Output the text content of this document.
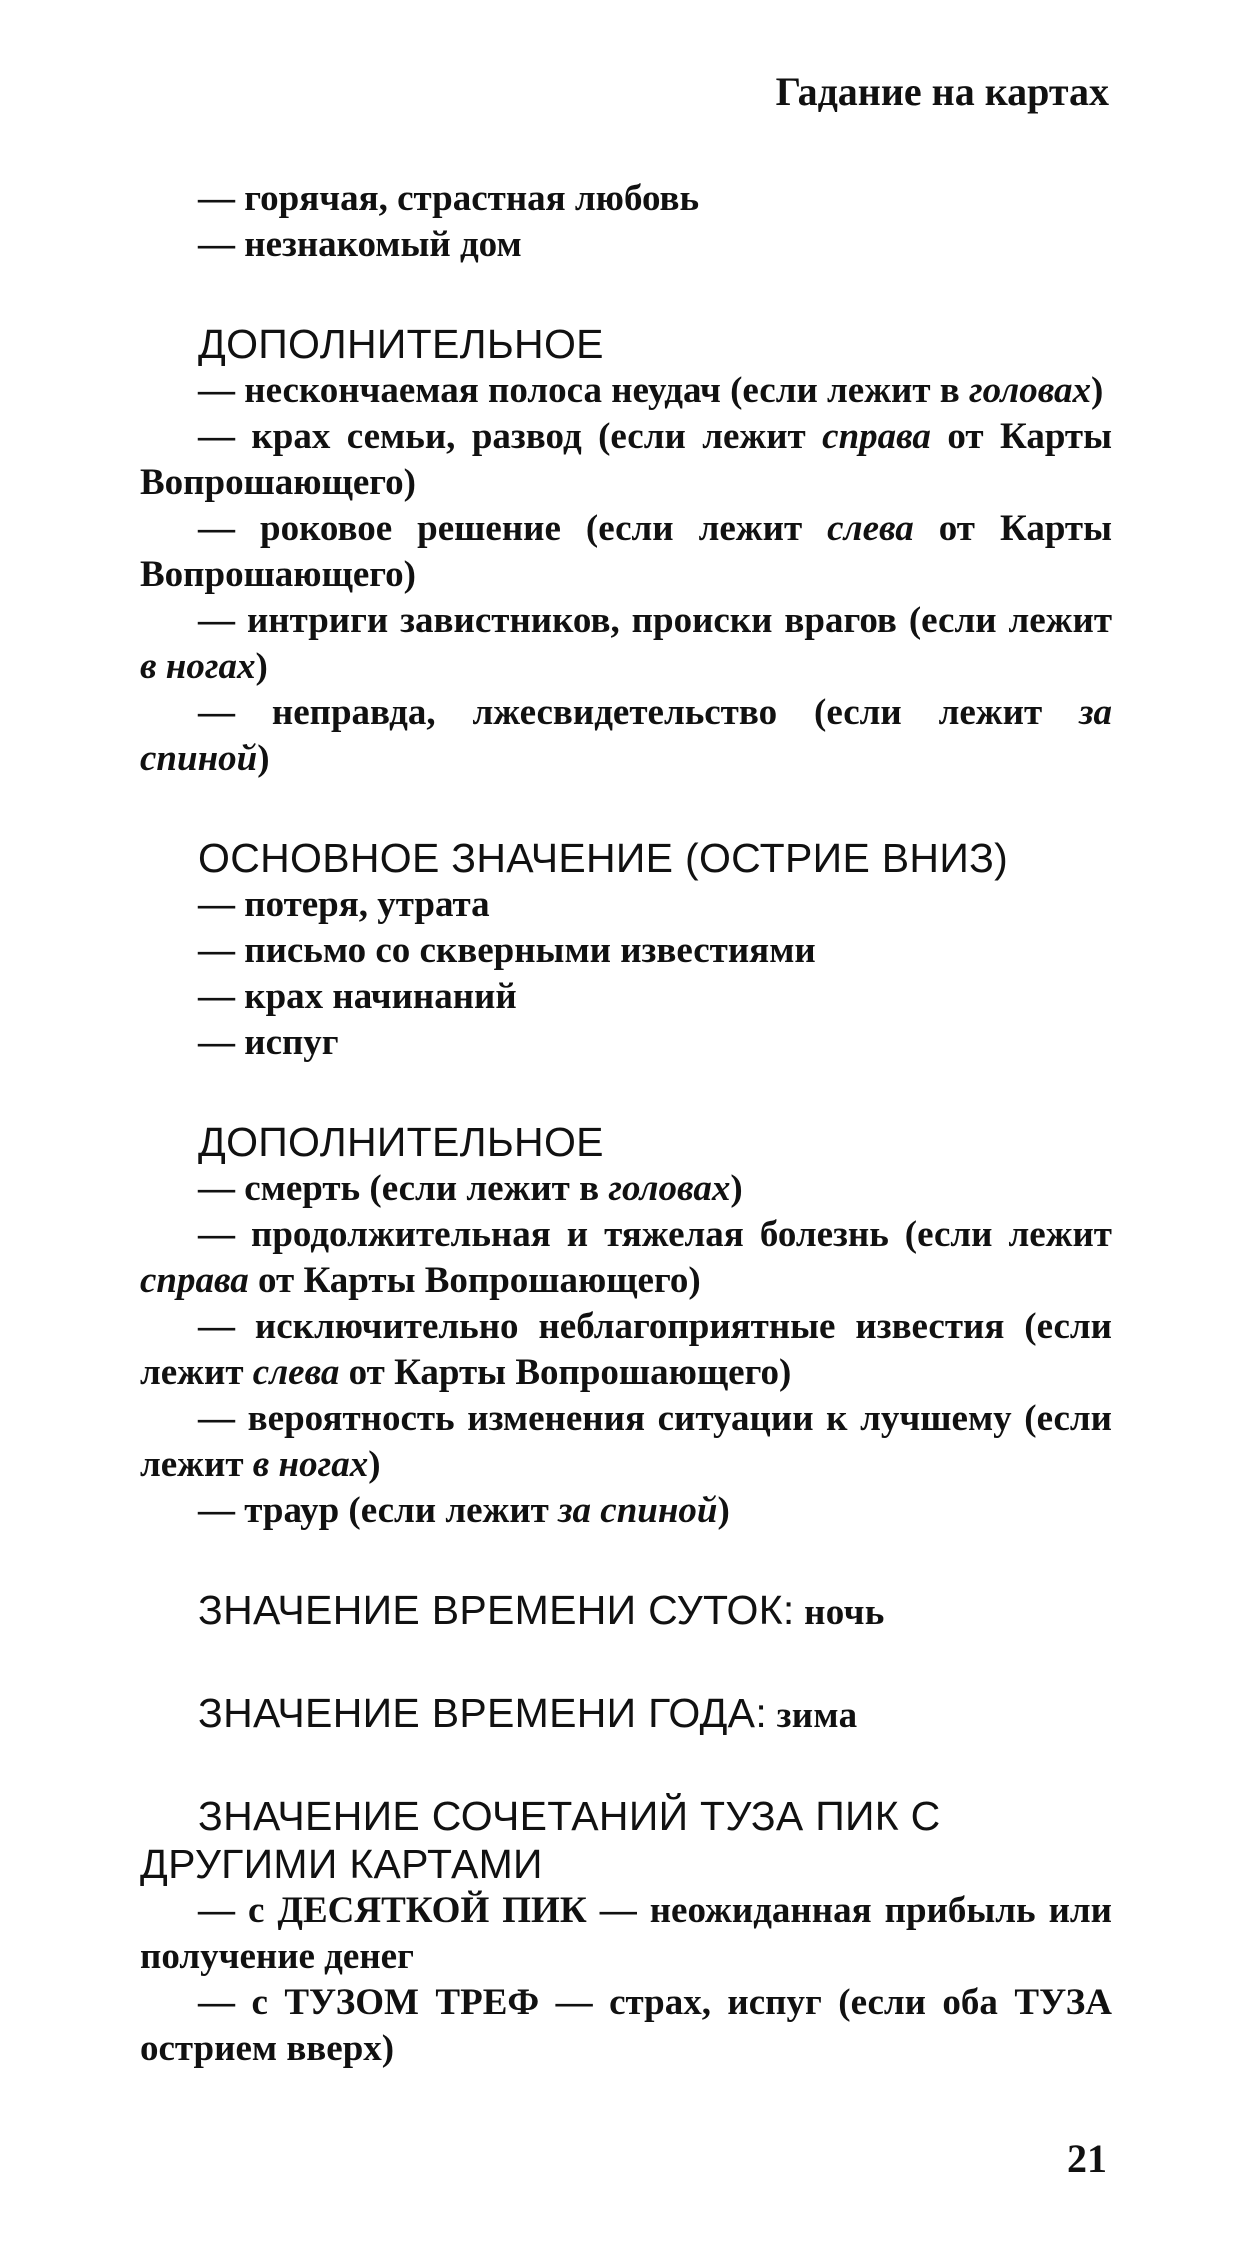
Гадание на картах

— горячая, страстная любовь

— незнакомый дом

ДОПОЛНИТЕЛЬНОЕ

— нескончаемая полоса неудач (если лежит в головах)

— крах семьи, развод (если лежит справа от Карты Вопрошающего)

— роковое решение (если лежит слева от Карты Вопрошающего)

— интриги завистников, происки врагов (если лежит в ногах)

— неправда, лжесвидетельство (если лежит за спиной)

ОСНОВНОЕ ЗНАЧЕНИЕ (ОСТРИЕ ВНИЗ)

— потеря, утрата

— письмо со скверными известиями

— крах начинаний

— испуг

ДОПОЛНИТЕЛЬНОЕ

— смерть (если лежит в головах)

— продолжительная и тяжелая болезнь (если лежит справа от Карты Вопрошающего)

— исключительно неблагоприятные известия (если лежит слева от Карты Вопрошающего)

— вероятность изменения ситуации к лучшему (если лежит в ногах)

— траур (если лежит за спиной)

ЗНАЧЕНИЕ ВРЕМЕНИ СУТОК: ночь

ЗНАЧЕНИЕ ВРЕМЕНИ ГОДА: зима

ЗНАЧЕНИЕ СОЧЕТАНИЙ ТУЗА ПИК С ДРУГИМИ КАРТАМИ

— с ДЕСЯТКОЙ ПИК — неожиданная прибыль или получение денег

— с ТУЗОМ ТРЕФ — страх, испуг (если оба ТУЗА острием вверх)

21
